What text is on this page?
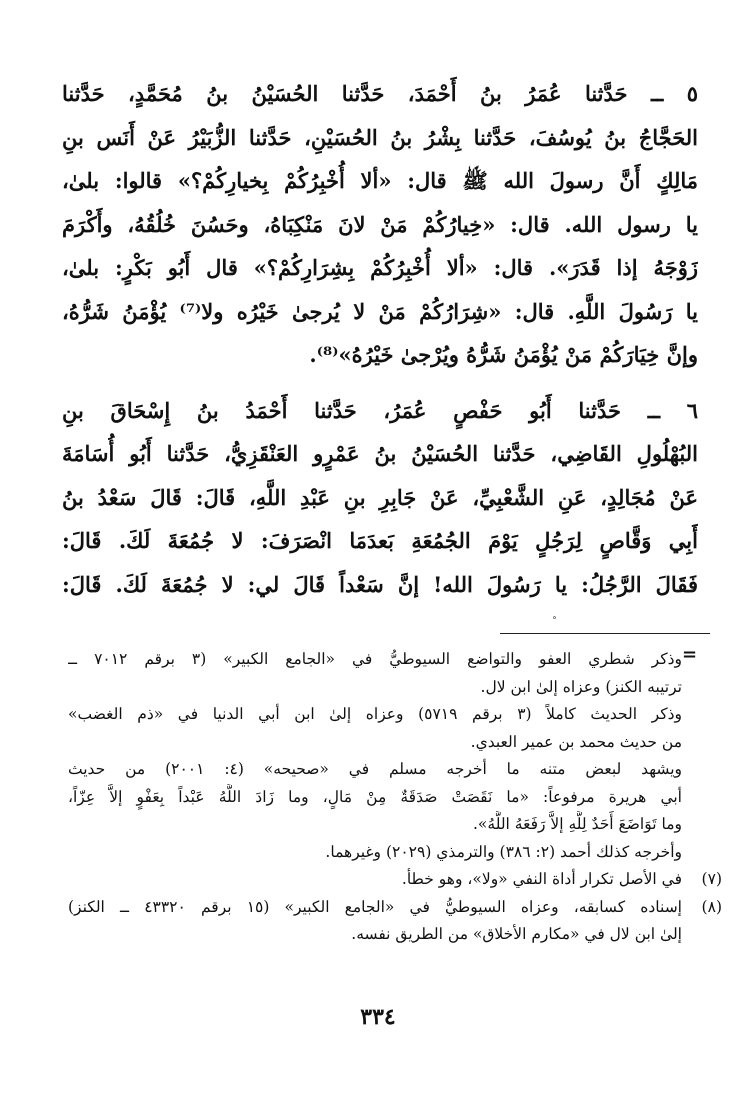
٥ ــ حَدَّثنا عُمَرُ بنُ أَحْمَدَ، حَدَّثنا الحُسَيْنُ بنُ مُحَمَّدٍ، حَدَّثنا
الحَجَّاجُ بنُ يُوسُفَ، حَدَّثنا بِشْرُ بنُ الحُسَيْنِ، حَدَّثنا الزُّبَيْرُ عَنْ أَنَس بنِ
مَالِكٍ أَنَّ رسولَ الله ﷺ قال: «ألا أُخْبِرُكُمْ بِخيارِكُمْ؟» قالوا: بلىٰ،
يا رسول الله. قال: «خِيارُكُمْ مَنْ لانَ مَنْكِبَاهُ، وحَسُنَ خُلُقُهُ، وأَكْرَمَ
زَوْجَهُ إذا قَدَرَ». قال: «ألا أُخْبِرُكُمْ بِشِرَارِكُمْ؟» قال أَبُو بَكْرٍ: بلىٰ،
يا رَسُولَ اللَّهِ. قال: «شِرَارُكُمْ مَنْ لا يُرجىٰ خَيْرُه ولا⁽⁷⁾ يُؤْمَنُ شَرُّهُ،
وإنَّ خِيَارَكُمْ مَنْ يُؤْمَنُ شَرُّهُ ويُرْجىٰ خَيْرُهُ»⁽⁸⁾.
٦ ــ حَدَّثنا أَبُو حَفْصٍ عُمَرُ، حَدَّثنا أَحْمَدُ بنُ إِسْحَاقَ بنِ
البُهْلُولِ القَاضِي، حَدَّثنا الحُسَيْنُ بنُ عَمْرٍو العَنْقَزِيُّ، حَدَّثنا أَبُو أُسَامَةَ
عَنْ مُجَالِدٍ، عَنِ الشَّعْبِيِّ، عَنْ جَابِرِ بنِ عَبْدِ اللَّهِ، قَالَ: قَالَ سَعْدُ بنُ
أَبِي وَقَّاصٍ لِرَجُلٍ يَوْمَ الجُمُعَةِ بَعدَمَا انْصَرَفَ: لا جُمُعَةَ لَكَ. قَالَ:
فَقَالَ الرَّجُلُ: يا رَسُولَ الله! إنَّ سَعْداً قَالَ لي: لا جُمُعَةَ لَكَ. قَالَ:
=
وذكر شطري العفو والتواضع السيوطيُّ في «الجامع الكبير» (٣ برقم ٧٠١٢ ــ
ترتيبه الكنز) وعزاه إلىٰ ابن لال.
وذكر الحديث كاملاً (٣ برقم ٥٧١٩) وعزاه إلىٰ ابن أبي الدنيا في «ذم الغضب»
من حديث محمد بن عمير العبدي.
ويشهد لبعض متنه ما أخرجه مسلم في «صحيحه» (٤: ٢٠٠١) من حديث
أبي هريرة مرفوعاً: «ما نَقَصَتْ صَدَقَةٌ مِنْ مَالٍ، وما زَادَ اللَّهُ عَبْداً بِعَفْوٍ إلاَّ عِزّاً،
وما تَوَاضَعَ أَحَدٌ لِلَّهِ إلاَّ رَفَعَهُ اللَّهُ».
وأخرجه كذلك أحمد (٢: ٣٨٦) والترمذي (٢٠٢٩) وغيرهما.
(٧)
في الأصل تكرار أداة النفي «ولا»، وهو خطأ.
(٨)
إسناده كسابقه، وعزاه السيوطيُّ في «الجامع الكبير» (١٥ برقم ٤٣٣٢٠ ــ الكنز)
إلىٰ ابن لال في «مكارم الأخلاق» من الطريق نفسه.
٣٣٤
